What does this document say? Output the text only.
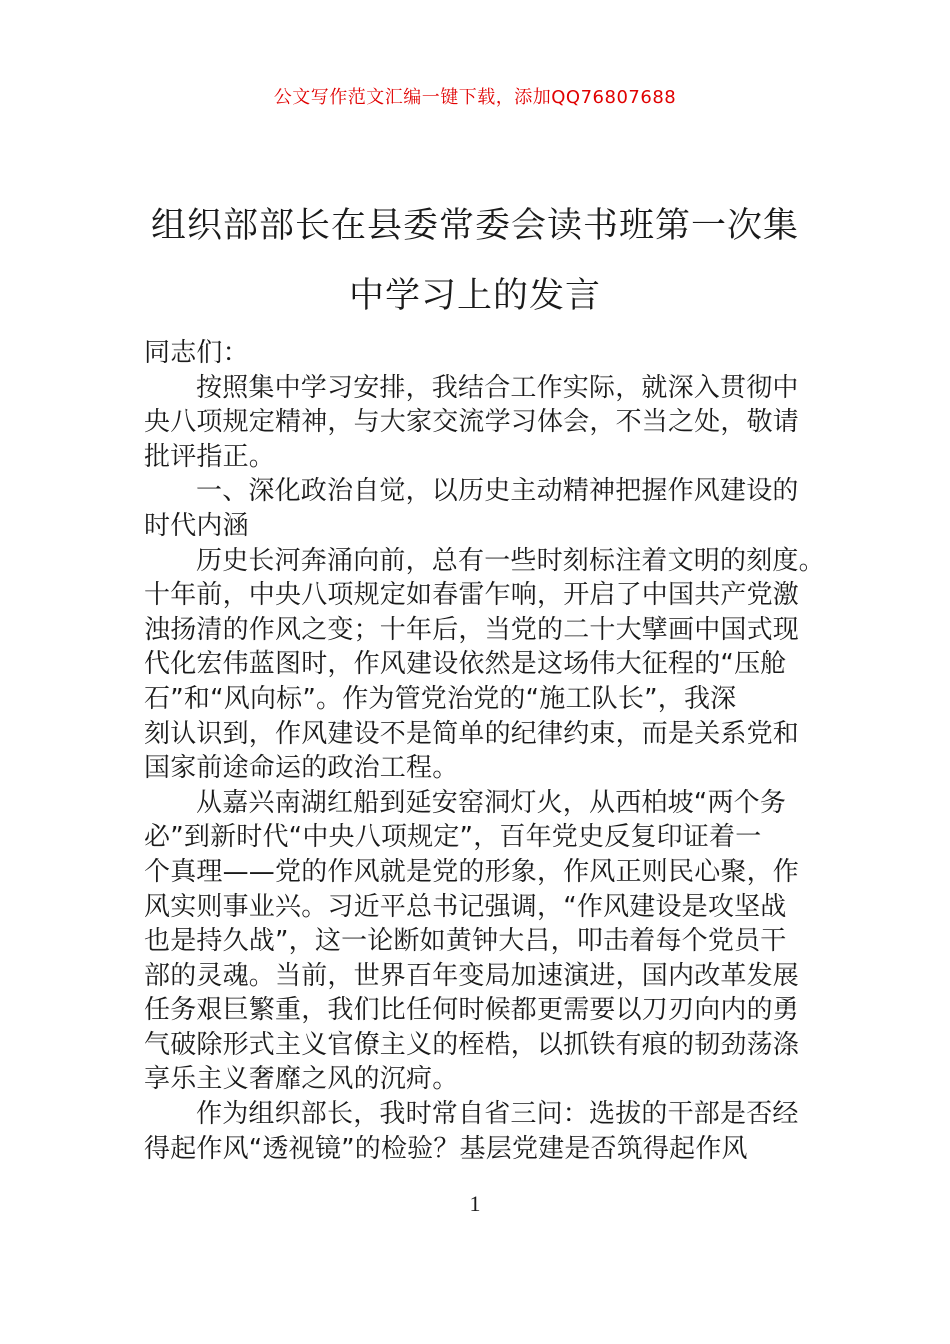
公文写作范文汇编一键下载，添加QQ76807688
组织部部长在县委常委会读书班第一次集
中学习上的发言
同志们：
按照集中学习安排，我结合工作实际，就深入贯彻中
央八项规定精神，与大家交流学习体会，不当之处，敬请
批评指正。
一、深化政治自觉，以历史主动精神把握作风建设的
时代内涵
历史长河奔涌向前，总有一些时刻标注着文明的刻度。
十年前，中央八项规定如春雷乍响，开启了中国共产党激
浊扬清的作风之变；十年后，当党的二十大擘画中国式现
代化宏伟蓝图时，作风建设依然是这场伟大征程的“压舱
石”和“风向标”。作为管党治党的“施工队长”，我深
刻认识到，作风建设不是简单的纪律约束，而是关系党和
国家前途命运的政治工程。
从嘉兴南湖红船到延安窑洞灯火，从西柏坡“两个务
必”到新时代“中央八项规定”，百年党史反复印证着一
个真理——党的作风就是党的形象，作风正则民心聚，作
风实则事业兴。习近平总书记强调，“作风建设是攻坚战
也是持久战”，这一论断如黄钟大吕，叩击着每个党员干
部的灵魂。当前，世界百年变局加速演进，国内改革发展
任务艰巨繁重，我们比任何时候都更需要以刀刃向内的勇
气破除形式主义官僚主义的桎梏，以抓铁有痕的韧劲荡涤
享乐主义奢靡之风的沉疴。
作为组织部长，我时常自省三问：选拔的干部是否经
得起作风“透视镜”的检验？基层党建是否筑得起作风
1
